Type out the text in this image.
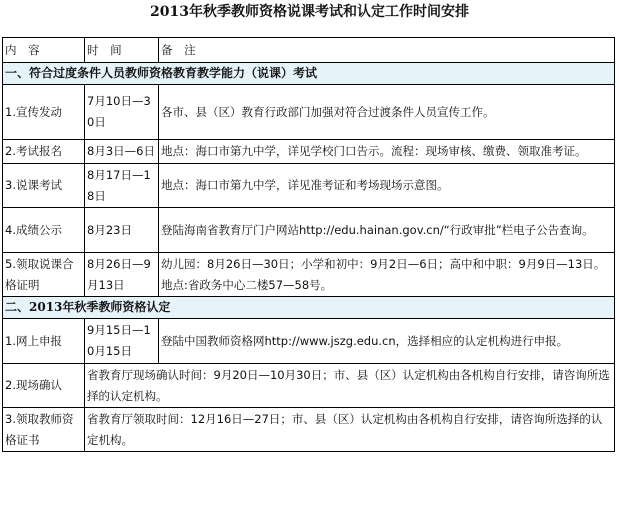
2013年秋季教师资格说课考试和认定工作时间安排
内 容	时 间	备 注
一、符合过度条件人员教师资格教育教学能力（说课）考试		
1.宣传发动	7月10日—30日	各市、县（区）教育行政部门加强对符合过渡条件人员宣传工作。
2.考试报名	8月3日—6日	地点：海口市第九中学，详见学校门口告示。流程：现场审核、缴费、领取准考证。
3.说课考试	8月17日—18日	地点：海口市第九中学，详见准考证和考场现场示意图。
4.成绩公示	8月23日	登陆海南省教育厅门户网站http://edu.hainan.gov.cn/“行政审批”栏电子公告查询。
5.领取说课合格证明	8月26日—9月13日	幼儿园：8月26日—30日；小学和初中：9月2日—6日；高中和中职：9月9日—13日。地点:省政务中心二楼57—58号。
二、2013年秋季教师资格认定		
1.网上申报	9月15日—10月15日	登陆中国教师资格网http://www.jszg.edu.cn，选择相应的认定机构进行申报。
2.现场确认	省教育厅现场确认时间：9月20日—10月30日；市、县（区）认定机构由各机构自行安排，请咨询所选择的认定机构。	
3.领取教师资格证书	省教育厅领取时间：12月16日—27日；市、县（区）认定机构由各机构自行安排，请咨询所选择的认定机构。	
